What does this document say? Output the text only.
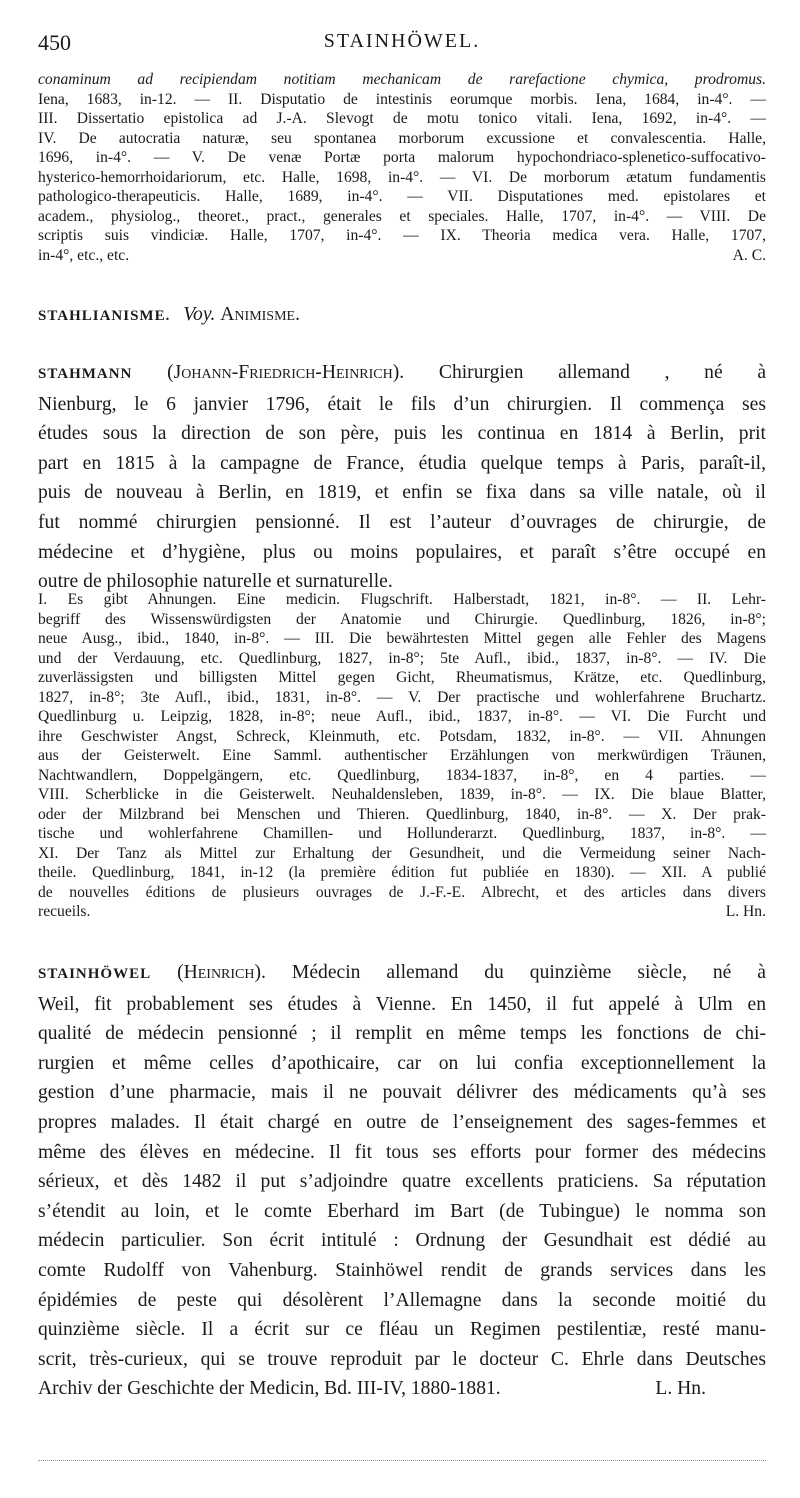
450	STAINHÖWEL.
conaminum ad recipiendam notitiam mechanicam de rarefactione chymica, prodromus.
Iena, 1683, in-12. — II. Disputatio de intestinis eorumque morbis. Iena, 1684, in-4°. —
III. Dissertatio epistolica ad J.-A. Slevogt de motu tonico vitali. Iena, 1692, in-4°. —
IV. De autocratia naturæ, seu spontanea morborum excussione et convalescentia. Halle,
1696, in-4°. — V. De venæ Portæ porta malorum hypochondriaco-splenetico-suffocativo-
hysterico-hemorrhoidariorum, etc. Halle, 1698, in-4°. — VI. De morborum ætatum fundamentis
pathologico-therapeuticis. Halle, 1689, in-4°. — VII. Disputationes med. epistolares et
academ., physiolog., theoret., pract., generales et speciales. Halle, 1707, in-4°. — VIII. De
scriptis suis vindiciæ. Halle, 1707, in-4°. — IX. Theoria medica vera. Halle, 1707,
in-4°, etc., etc.	A. C.
STAHLIANISME. Voy. Animisme.
STAHMANN (Johann-Friedrich-Heinrich). Chirurgien allemand , né à
Nienburg, le 6 janvier 1796, était le fils d’un chirurgien. Il commença ses
études sous la direction de son père, puis les continua en 1814 à Berlin, prit
part en 1815 à la campagne de France, étudia quelque temps à Paris, paraît-il,
puis de nouveau à Berlin, en 1819, et enfin se fixa dans sa ville natale, où il
fut nommé chirurgien pensionné. Il est l’auteur d’ouvrages de chirurgie, de
médecine et d’hygiène, plus ou moins populaires, et paraît s’être occupé en
outre de philosophie naturelle et surnaturelle.
I. Es gibt Ahnungen. Eine medicin. Flugschrift. Halberstadt, 1821, in-8°. — II. Lehr-
begriff des Wissenswürdigsten der Anatomie und Chirurgie. Quedlinburg, 1826, in-8°;
neue Ausg., ibid., 1840, in-8°. — III. Die bewährtesten Mittel gegen alle Fehler des Magens
und der Verdauung, etc. Quedlinburg, 1827, in-8°; 5te Aufl., ibid., 1837, in-8°. — IV. Die
zuverlässigsten und billigsten Mittel gegen Gicht, Rheumatismus, Krätze, etc. Quedlinburg,
1827, in-8°; 3te Aufl., ibid., 1831, in-8°. — V. Der practische und wohlerfahrene Bruchartz.
Quedlinburg u. Leipzig, 1828, in-8°; neue Aufl., ibid., 1837, in-8°. — VI. Die Furcht und
ihre Geschwister Angst, Schreck, Kleinmuth, etc. Potsdam, 1832, in-8°. — VII. Ahnungen
aus der Geisterwelt. Eine Samml. authentischer Erzählungen von merkwürdigen Träunen,
Nachtwandlern, Doppelgängern, etc. Quedlinburg, 1834-1837, in-8°, en 4 parties. —
VIII. Scherblicke in die Geisterwelt. Neuhaldensleben, 1839, in-8°. — IX. Die blaue Blatter,
oder der Milzbrand bei Menschen und Thieren. Quedlinburg, 1840, in-8°. — X. Der prak-
tische und wohlerfahrene Chamillen- und Hollunderarzt. Quedlinburg, 1837, in-8°. —
XI. Der Tanz als Mittel zur Erhaltung der Gesundheit, und die Vermeidung seiner Nach-
theile. Quedlinburg, 1841, in-12 (la première édition fut publiée en 1830). — XII. A publié
de nouvelles éditions de plusieurs ouvrages de J.-F.-E. Albrecht, et des articles dans divers
recueils.	L. Hn.
STAINHÖWEL (Heinrich). Médecin allemand du quinzième siècle, né à
Weil, fit probablement ses études à Vienne. En 1450, il fut appelé à Ulm en
qualité de médecin pensionné ; il remplit en même temps les fonctions de chi-
rurgien et même celles d’apothicaire, car on lui confia exceptionnellement la
gestion d’une pharmacie, mais il ne pouvait délivrer des médicaments qu’à ses
propres malades. Il était chargé en outre de l’enseignement des sages-femmes et
même des élèves en médecine. Il fit tous ses efforts pour former des médecins
sérieux, et dès 1482 il put s’adjoindre quatre excellents praticiens. Sa réputation
s’étendit au loin, et le comte Eberhard im Bart (de Tubingue) le nomma son
médecin particulier. Son écrit intitulé : Ordnung der Gesundhait est dédié au
comte Rudolff von Vahenburg. Stainhöwel rendit de grands services dans les
épidémies de peste qui désolèrent l’Allemagne dans la seconde moitié du
quinzième siècle. Il a écrit sur ce fléau un Regimen pestilentiæ, resté manu-
scrit, très-curieux, qui se trouve reproduit par le docteur C. Ehrle dans Deutsches
Archiv der Geschichte der Medicin, Bd. III-IV, 1880-1881.	L. Hn.
